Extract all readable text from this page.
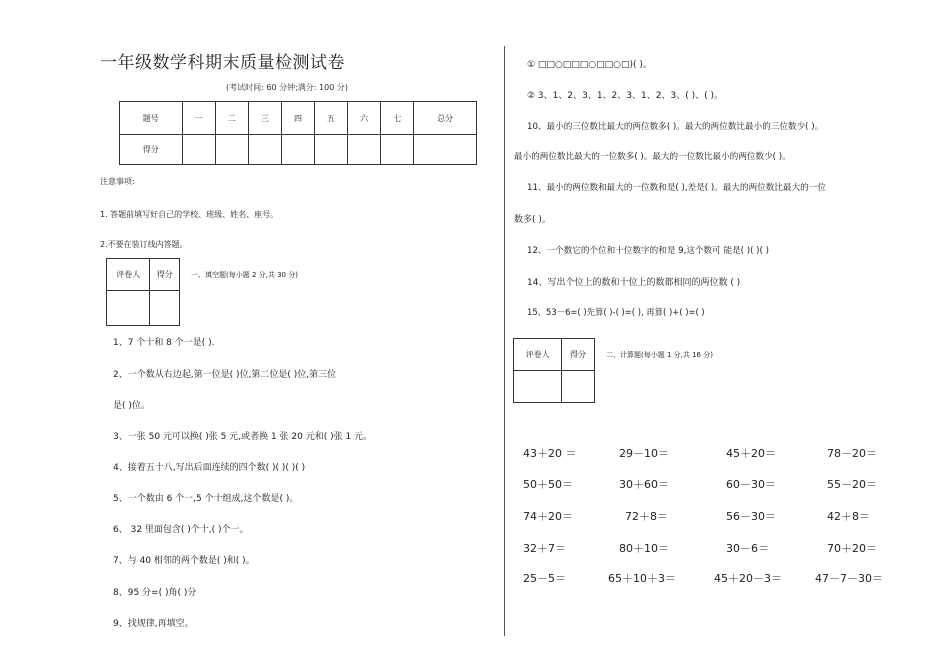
一年级数学科期末质量检测试卷
(考试时间: 60 分钟;满分: 100 分)
题号	一	二	三	四	五	六	七	总分
得分								
注意事项:
1. 答题前填写好自己的学校、班级、姓名、座号。
2.不要在装订线内答题。
评卷人	得分
		一、填空题(每小题 2 分,共 30 分)
1、7 个十和 8 个一是( ).
2、一个数从右边起,第一位是( )位,第二位是( )位,第三位
是( )位。
3、一张 50 元可以换( )张 5 元,或者换 1 张 20 元和( )张 1 元。
4、接着五十八,写出后面连续的四个数( )( )( )( )
5、一个数由 6 个一,5 个十组成,这个数是( )。
6、 32 里面包含( )个十,( )个一。
7、与 40 相邻的两个数是( )和( )。
8、95 分=( )角( )分
9、找规律,再填空。
① □□○□□□○□□○□)( )。
② 3、1、2、3、1、2、3、1、2、3、( )、( )。
10、最小的三位数比最大的两位数多( )。最大的两位数比最小的三位数少( )。
最小的两位数比最大的一位数多( )。最大的一位数比最小的两位数少( )。
11、最小的两位数和最大的一位数和是( ),差是( )。最大的两位数比最大的一位
数多( )。
12、一个数它的个位和十位数字的和是 9,这个数可 能是( )( )( )
14、写出个位上的数和十位上的数都相同的两位数 ( )
15、53－6=( )先算( )-( )=( ), 再算( )+( )=( )
评卷人	得分
		二、计算题(每小题 1 分,共 16 分)
43＋20 ＝	29－10＝	45＋20＝	78－20＝
50＋50＝	30＋60＝	60－30＝	55－20＝
74＋20＝	72＋8＝	56－30＝	42＋8＝
32＋7＝	80＋10＝	30－6＝	70＋20＝
25－5＝	65＋10＋3＝	45＋20－3＝	47－7－30＝
